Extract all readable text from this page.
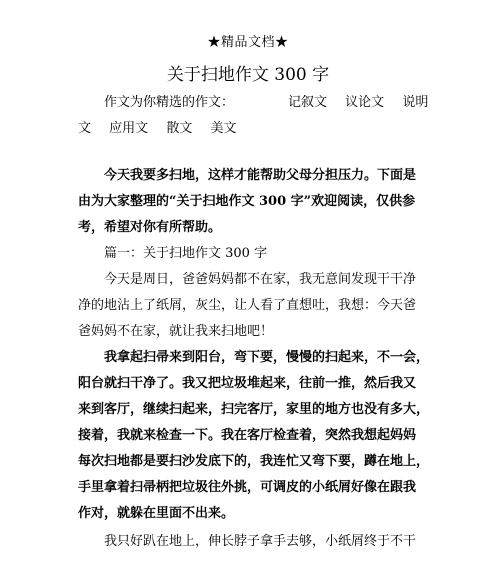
★精品文档★
关于扫地作文 300 字
作文为你精选的作文：	记叙文 议论文 说明
文 应用文 散文 美文
今天我要多扫地，这样才能帮助父母分担压力。下面是
由为大家整理的“关于扫地作文 300 字”欢迎阅读，仅供参
考，希望对你有所帮助。
篇一：关于扫地作文 300 字
今天是周日，爸爸妈妈都不在家，我无意间发现干干净
净的地沾上了纸屑，灰尘，让人看了直想吐，我想：今天爸
爸妈妈不在家，就让我来扫地吧！
我拿起扫帚来到阳台，弯下要，慢慢的扫起来，不一会，
阳台就扫干净了。我又把垃圾堆起来，往前一推，然后我又
来到客厅，继续扫起来，扫完客厅，家里的地方也没有多大，
接着，我就来检查一下。我在客厅检查着，突然我想起妈妈
每次扫地都是要扫沙发底下的，我连忙又弯下要，蹲在地上，
手里拿着扫帚柄把垃圾往外挑，可调皮的小纸屑好像在跟我
作对，就躲在里面不出来。
我只好趴在地上，伸长脖子拿手去够，小纸屑终于不干
